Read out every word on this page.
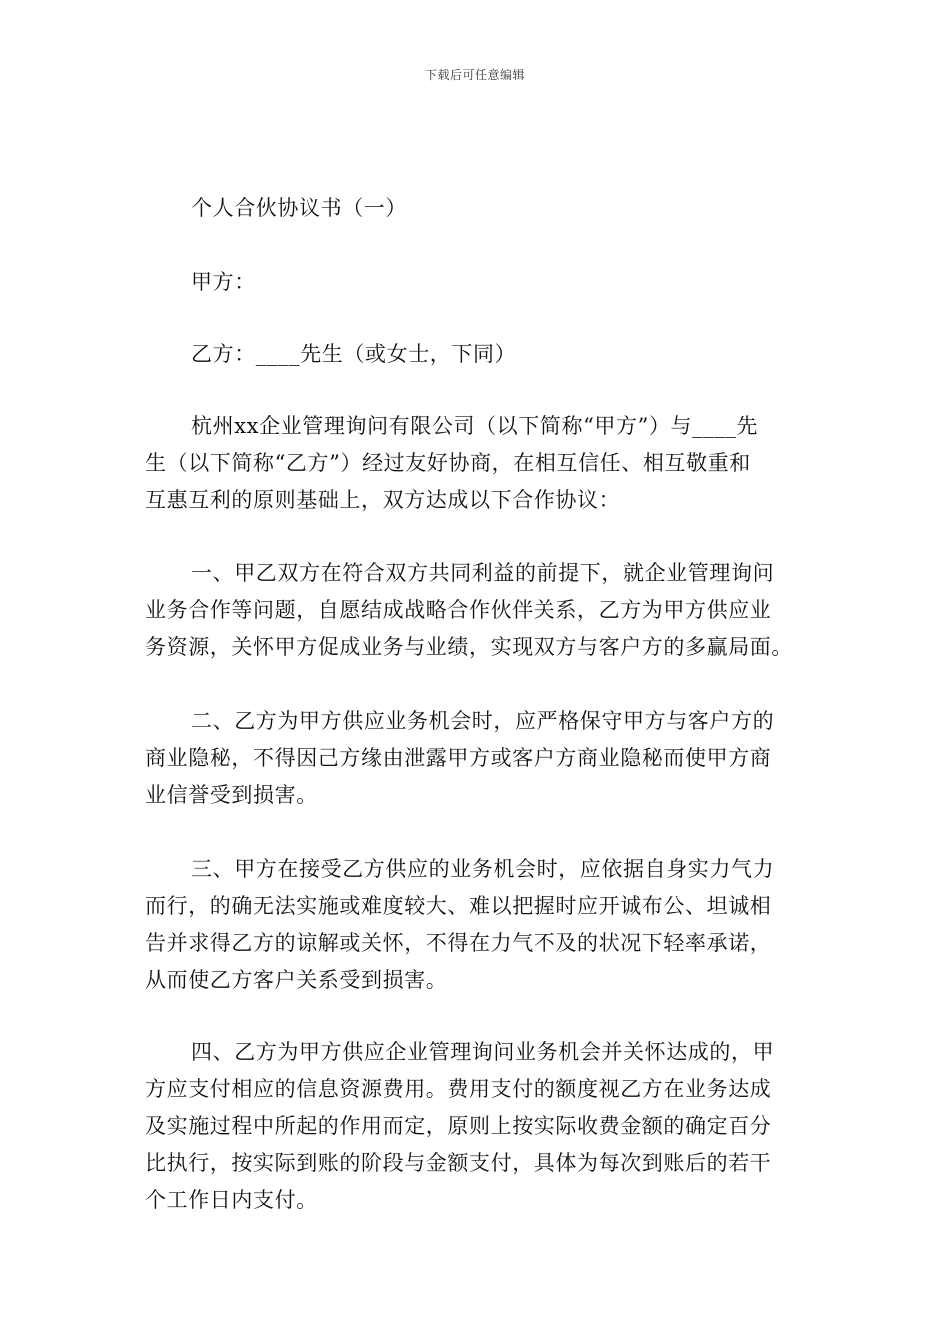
下载后可任意编辑
个人合伙协议书（一）
甲方：
乙方：____先生（或女士，下同）
杭州xx企业管理询问有限公司（以下简称“甲方”）与____先
生（以下简称“乙方”）经过友好协商，在相互信任、相互敬重和
互惠互利的原则基础上，双方达成以下合作协议：
一、甲乙双方在符合双方共同利益的前提下，就企业管理询问
业务合作等问题，自愿结成战略合作伙伴关系，乙方为甲方供应业
务资源，关怀甲方促成业务与业绩，实现双方与客户方的多赢局面。
二、乙方为甲方供应业务机会时，应严格保守甲方与客户方的
商业隐秘，不得因己方缘由泄露甲方或客户方商业隐秘而使甲方商
业信誉受到损害。
三、甲方在接受乙方供应的业务机会时，应依据自身实力气力
而行，的确无法实施或难度较大、难以把握时应开诚布公、坦诚相
告并求得乙方的谅解或关怀，不得在力气不及的状况下轻率承诺，
从而使乙方客户关系受到损害。
四、乙方为甲方供应企业管理询问业务机会并关怀达成的，甲
方应支付相应的信息资源费用。费用支付的额度视乙方在业务达成
及实施过程中所起的作用而定，原则上按实际收费金额的确定百分
比执行，按实际到账的阶段与金额支付，具体为每次到账后的若干
个工作日内支付。
